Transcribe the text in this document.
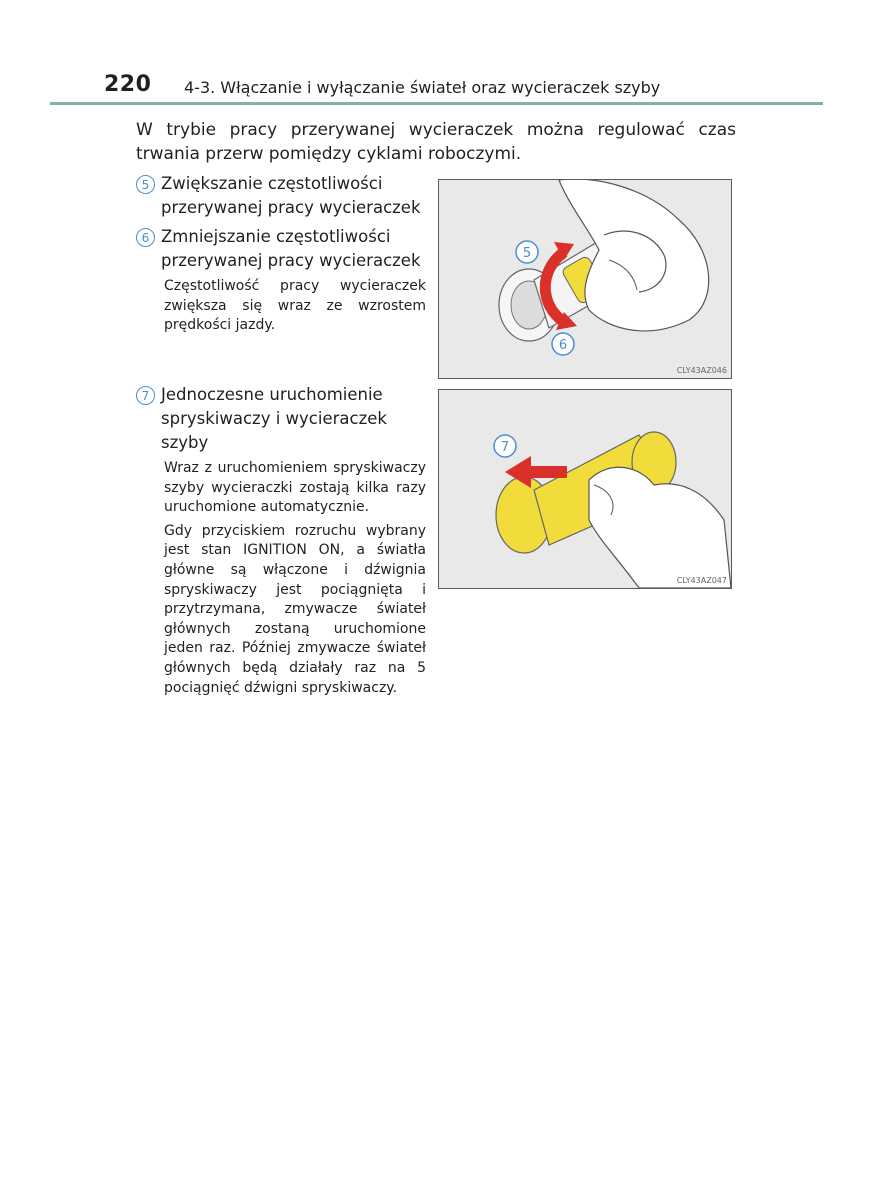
220 4-3. Włączanie i wyłączanie świateł oraz wycieraczek szyby
W trybie pracy przerywanej wycieraczek można regulować czas trwania przerw pomiędzy cyklami roboczymi.
5 Zwiększanie częstotliwości przerywanej pracy wycieraczek
6 Zmniejszanie częstotliwości przerywanej pracy wycieraczek
Częstotliwość pracy wycieraczek zwiększa się wraz ze wzrostem prędkości jazdy.
7 Jednoczesne uruchomienie spryskiwaczy i wycieraczek szyby
Wraz z uruchomieniem spryskiwaczy szyby wycieraczki zostają kilka razy uruchomione automatycznie.
Gdy przyciskiem rozruchu wybrany jest stan IGNITION ON, a światła główne są włączone i dźwignia spryskiwaczy jest pociągnięta i przytrzymana, zmywacze świateł głównych zostaną uruchomione jeden raz. Później zmywacze świateł głównych będą działały raz na 5 pociągnięć dźwigni spryskiwaczy.
5
6
CLY43AZ046
7
CLY43AZ047
